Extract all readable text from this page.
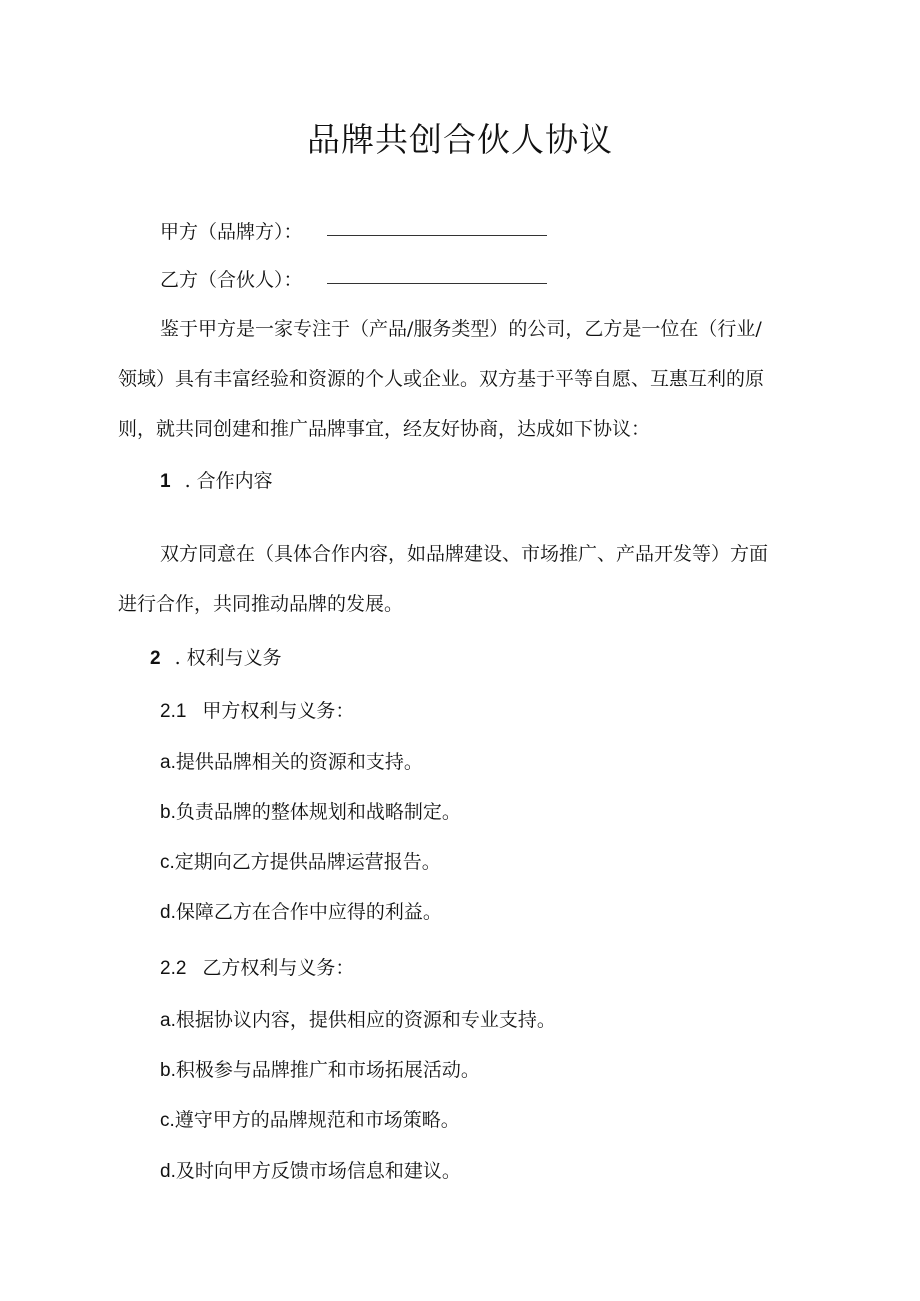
品牌共创合伙人协议
甲方（品牌方）：
乙方（合伙人）：
鉴于甲方是一家专注于（产品/服务类型）的公司，乙方是一位在（行业/
领域）具有丰富经验和资源的个人或企业。双方基于平等自愿、互惠互利的原
则，就共同创建和推广品牌事宜，经友好协商，达成如下协议：
1 . 合作内容
双方同意在（具体合作内容，如品牌建设、市场推广、产品开发等）方面
进行合作，共同推动品牌的发展。
2 . 权利与义务
2.1 甲方权利与义务：
a.提供品牌相关的资源和支持。
b.负责品牌的整体规划和战略制定。
c.定期向乙方提供品牌运营报告。
d.保障乙方在合作中应得的利益。
2.2 乙方权利与义务：
a.根据协议内容，提供相应的资源和专业支持。
b.积极参与品牌推广和市场拓展活动。
c.遵守甲方的品牌规范和市场策略。
d.及时向甲方反馈市场信息和建议。
